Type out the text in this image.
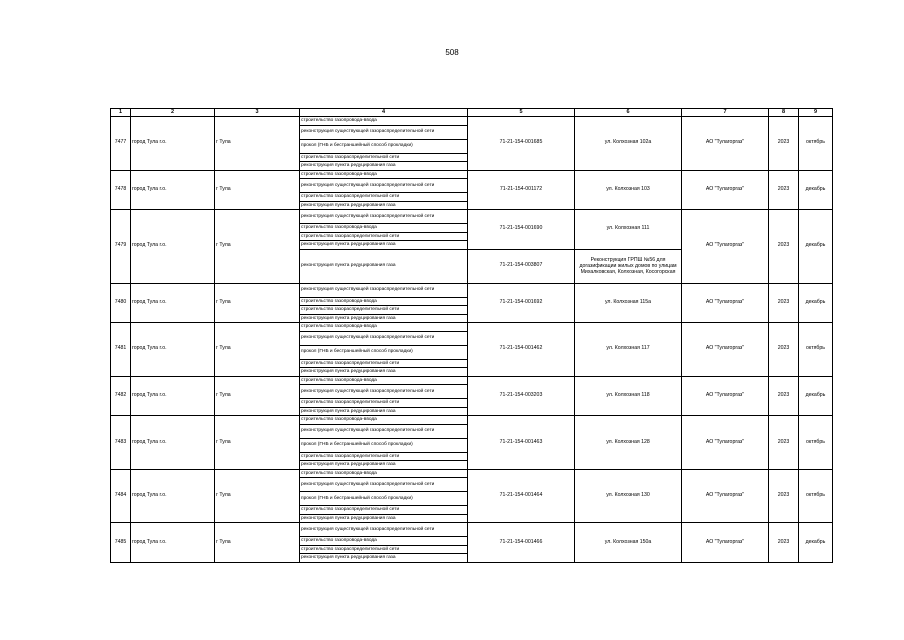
508
1	2	3	4	5	6	7	8	9
7477	город Тула г.о.	г Тула	строительство газопровода-ввода	71-21-154-001685	ул. Колхозная 102а	АО "Тулагоргаз"	2023	октябрь
			реконструкция существующей газораспределительной сети					
			прокол (ГНБ и бестраншейный способ прокладки)					
			строительство газораспределительной сети					
			реконструкция пункта редуцирования газа					
7478	город Тула г.о.	г Тула	строительство газопровода-ввода	71-21-154-001172	ул. Колхозная 103	АО "Тулагоргаз"	2023	декабрь
			реконструкция существующей газораспределительной сети					
			строительство газораспределительной сети					
			реконструкция пункта редуцирования газа					
7479	город Тула г.о.	г Тула	реконструкция существующей газораспределительной сети	71-21-154-001690	ул. Колхозная 111	АО "Тулагоргаз"	2023	декабрь
			строительство газопровода-ввода					
			строительство газораспределительной сети					
			реконструкция пункта редуцирования газа					
			реконструкция пункта редуцирования газа	71-21-154-003807	Реконструкция ГРПШ №56 для догазификации жилых домов по улицам Михалковская, Колхозная, Косогорская			
7480	город Тула г.о.	г Тула	реконструкция существующей газораспределительной сети	71-21-154-001692	ул. Колхозная 115а	АО "Тулагоргаз"	2023	декабрь
			строительство газопровода-ввода					
			строительство газораспределительной сети					
			реконструкция пункта редуцирования газа					
7481	город Тула г.о.	г Тула	строительство газопровода-ввода	71-21-154-001462	ул. Колхозная 117	АО "Тулагоргаз"	2023	октябрь
			реконструкция существующей газораспределительной сети					
			прокол (ГНБ и бестраншейный способ прокладки)					
			строительство газораспределительной сети					
			реконструкция пункта редуцирования газа					
7482	город Тула г.о.	г Тула	строительство газопровода-ввода	71-21-154-003203	ул. Колхозная 118	АО "Тулагоргаз"	2023	декабрь
			реконструкция существующей газораспределительной сети					
			строительство газораспределительной сети					
			реконструкция пункта редуцирования газа					
7483	город Тула г.о.	г Тула	строительство газопровода-ввода	71-21-154-001463	ул. Колхозная 128	АО "Тулагоргаз"	2023	октябрь
			реконструкция существующей газораспределительной сети					
			прокол (ГНБ и бестраншейный способ прокладки)					
			строительство газораспределительной сети					
			реконструкция пункта редуцирования газа					
7484	город Тула г.о.	г Тула	строительство газопровода-ввода	71-21-154-001464	ул. Колхозная 130	АО "Тулагоргаз"	2023	октябрь
			реконструкция существующей газораспределительной сети					
			прокол (ГНБ и бестраншейный способ прокладки)					
			строительство газораспределительной сети					
			реконструкция пункта редуцирования газа					
7485	город Тула г.о.	г Тула	реконструкция существующей газораспределительной сети	71-21-154-001466	ул. Колхозная 150а	АО "Тулагоргаз"	2023	декабрь
			строительство газопровода-ввода					
			строительство газораспределительной сети					
			реконструкция пункта редуцирования газа					
